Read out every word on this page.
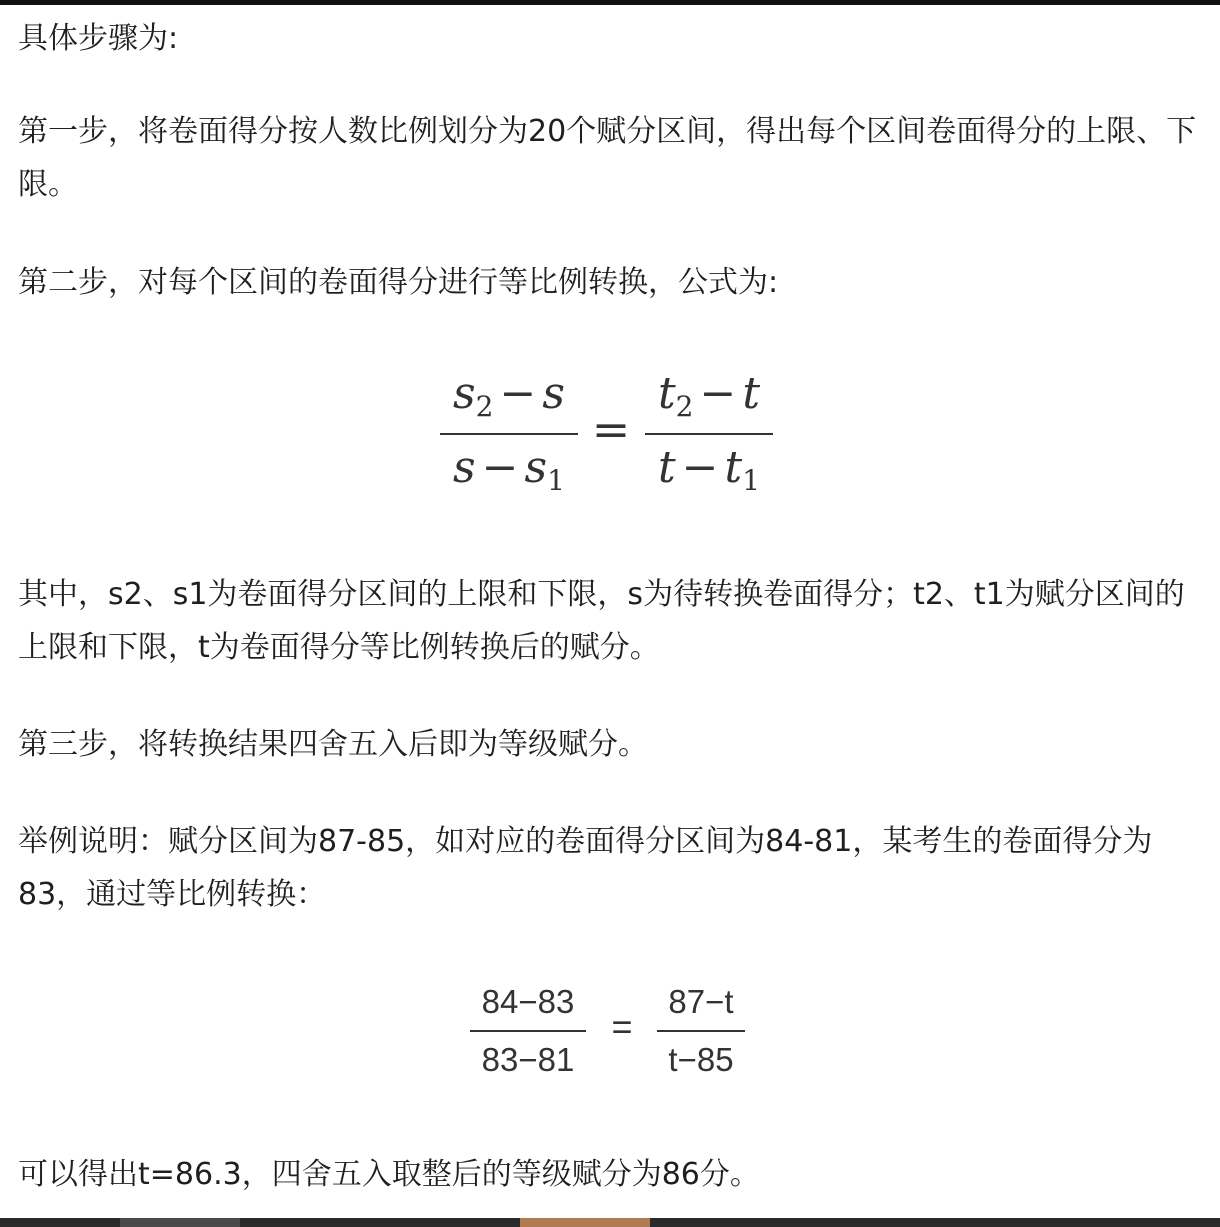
具体步骤为:

第一步，将卷面得分按人数比例划分为20个赋分区间，得出每个区间卷面得分的上限、下限。

第二步，对每个区间的卷面得分进行等比例转换，公式为:

$s_2 - s$
$s - s_1$
=
$t_2 - t$
$t - t_1$

其中，s2、s1为卷面得分区间的上限和下限，s为待转换卷面得分；t2、t1为赋分区间的上限和下限，t为卷面得分等比例转换后的赋分。

第三步，将转换结果四舍五入后即为等级赋分。

举例说明：赋分区间为87-85，如对应的卷面得分区间为84-81，某考生的卷面得分为83，通过等比例转换：

84−83
83−81
=
87−t
t−85

可以得出t=86.3，四舍五入取整后的等级赋分为86分。
